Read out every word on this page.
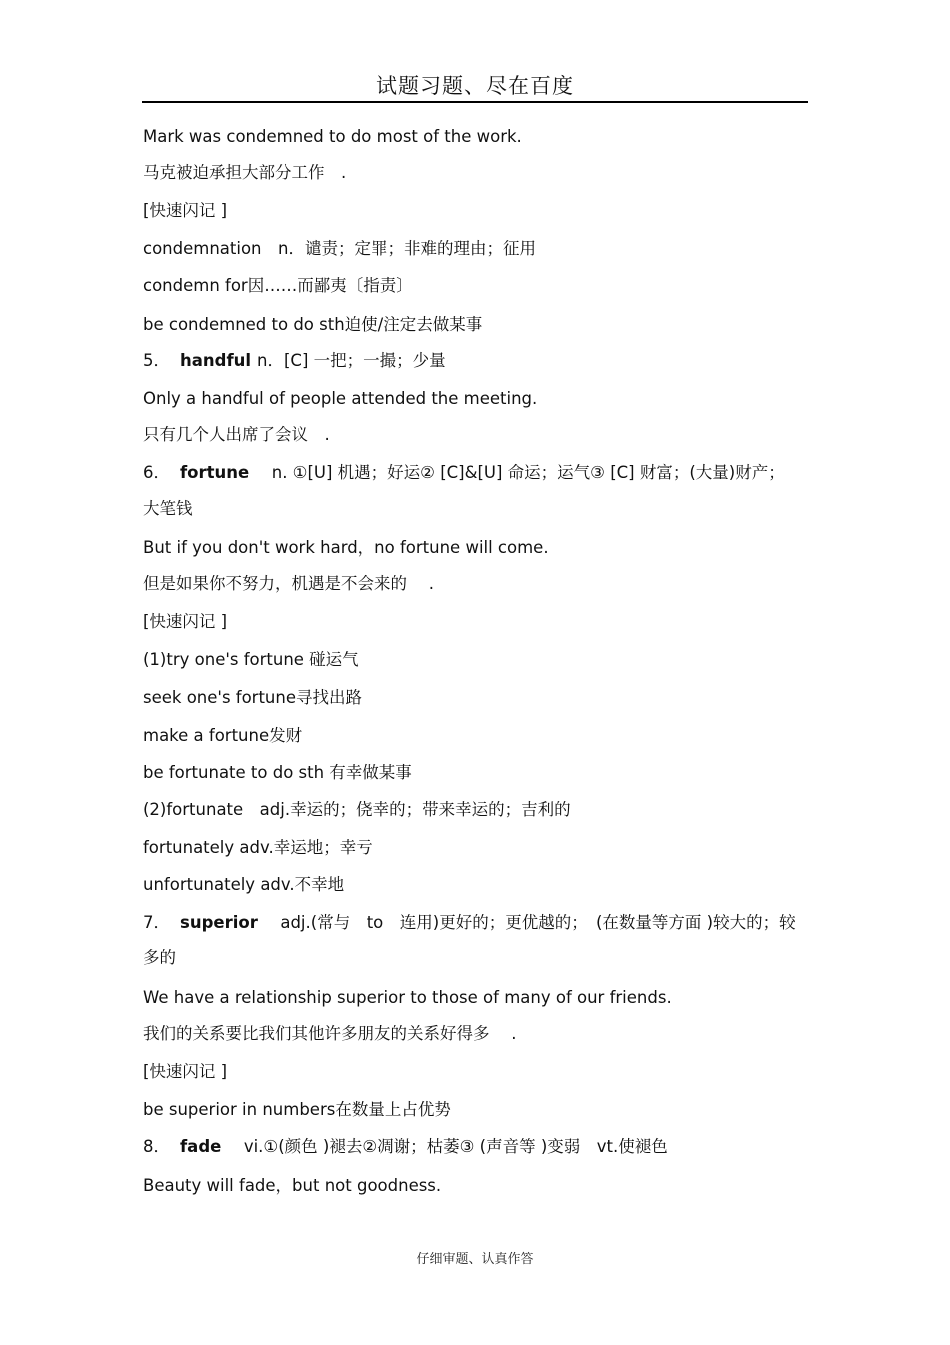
试题习题、尽在百度
Mark was condemned to do most of the work.
马克被迫承担大部分工作　.
[快速闪记 ]
condemnation　n．谴责；定罪；非难的理由；征用
condemn for因……而鄙夷〔指责〕
be condemned to do sth迫使/注定去做某事
5． handful n．[C] 一把；一撮；少量
Only a handful of people attended the meeting.
只有几个人出席了会议　.
6． fortune　n. ①[U] 机遇；好运② [C]&[U] 命运；运气③ [C] 财富；(大量)财产；
大笔钱
But if you don't work hard，no fortune will come.
但是如果你不努力，机遇是不会来的　 .
[快速闪记 ]
(1)try one's fortune 碰运气
seek one's fortune寻找出路
make a fortune发财
be fortunate to do sth 有幸做某事
(2)fortunate　adj.幸运的；侥幸的；带来幸运的；吉利的
fortunately adv.幸运地；幸亏
unfortunately adv.不幸地
7． superior　adj.(常与　to　连用)更好的；更优越的；　(在数量等方面 )较大的；较
多的
We have a relationship superior to those of many of our friends.
我们的关系要比我们其他许多朋友的关系好得多　 .
[快速闪记 ]
be superior in numbers在数量上占优势
8． fade　vi.①(颜色 )褪去②凋谢；枯萎③ (声音等 )变弱　vt.使褪色
Beauty will fade，but not goodness.
仔细审题、认真作答
